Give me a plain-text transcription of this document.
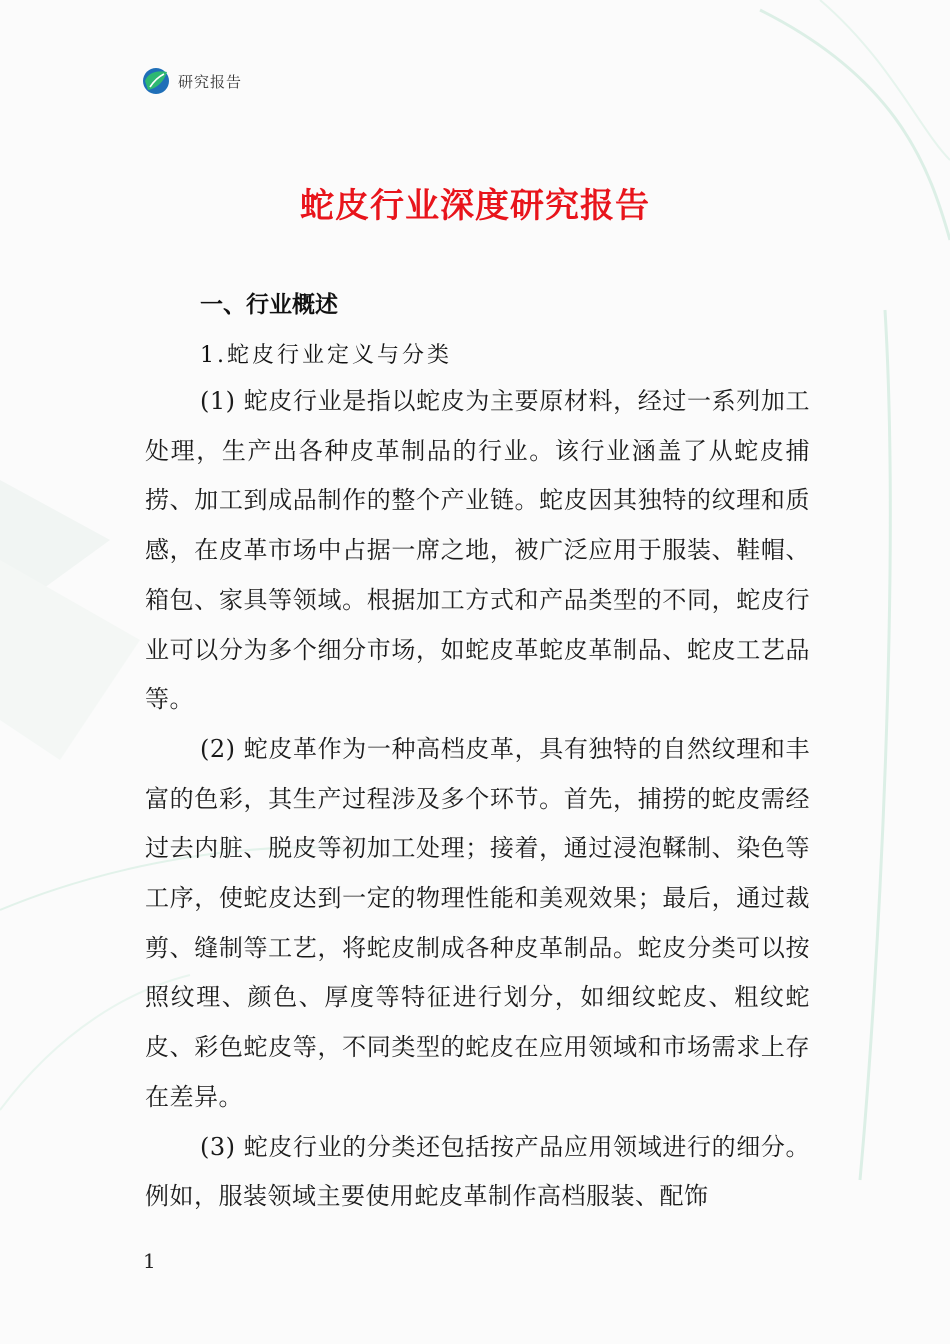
研究报告
蛇皮行业深度研究报告
一、行业概述
1.蛇皮行业定义与分类

(1) 蛇皮行业是指以蛇皮为主要原材料，经过一系列加工处理，生产出各种皮革制品的行业。该行业涵盖了从蛇皮捕捞、加工到成品制作的整个产业链。蛇皮因其独特的纹理和质感，在皮革市场中占据一席之地，被广泛应用于服装、鞋帽、箱包、家具等领域。根据加工方式和产品类型的不同，蛇皮行业可以分为多个细分市场，如蛇皮革蛇皮革制品、蛇皮工艺品等。

(2) 蛇皮革作为一种高档皮革，具有独特的自然纹理和丰富的色彩，其生产过程涉及多个环节。首先，捕捞的蛇皮需经过去内脏、脱皮等初加工处理；接着，通过浸泡鞣制、染色等工序，使蛇皮达到一定的物理性能和美观效果；最后，通过裁剪、缝制等工艺，将蛇皮制成各种皮革制品。蛇皮分类可以按照纹理、颜色、厚度等特征进行划分，如细纹蛇皮、粗纹蛇皮、彩色蛇皮等，不同类型的蛇皮在应用领域和市场需求上存在差异。

(3) 蛇皮行业的分类还包括按产品应用领域进行的细分。例如，服装领域主要使用蛇皮革制作高档服装、配饰

1
